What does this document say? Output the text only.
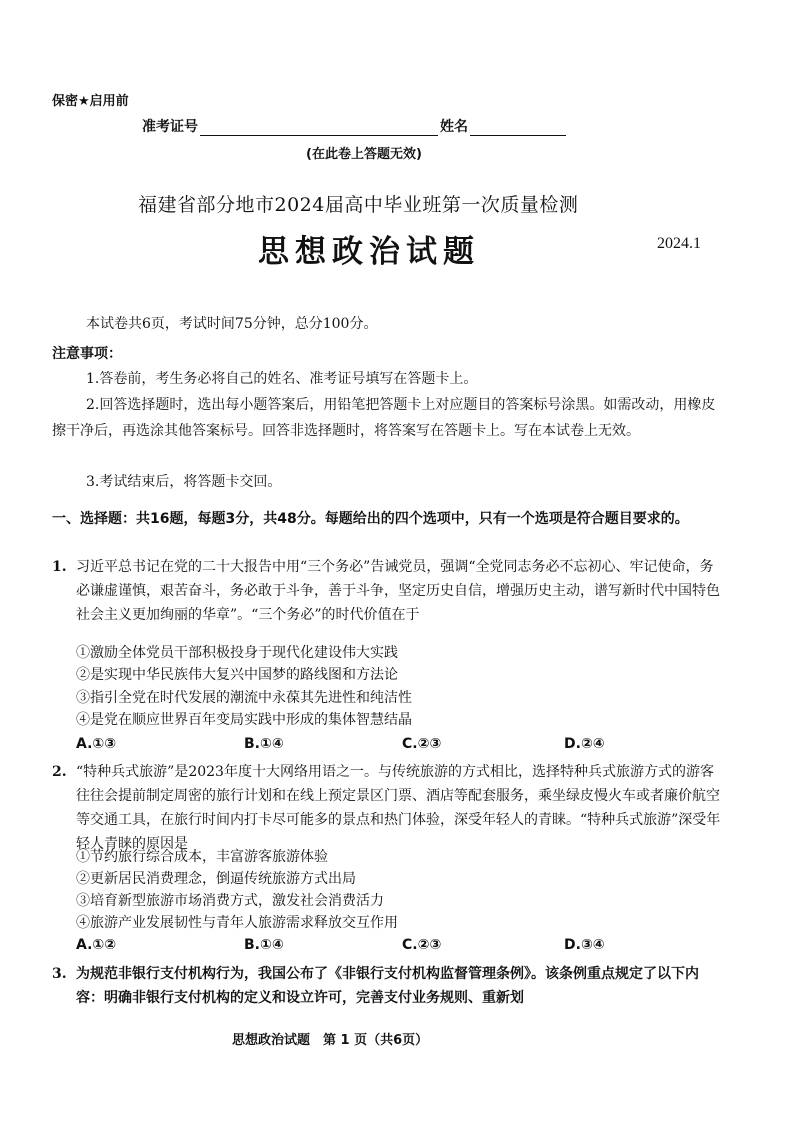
保密★启用前
准考证号	姓名
(在此卷上答题无效)
福建省部分地市2024届高中毕业班第一次质量检测
思想政治试题	2024.1
本试卷共6页，考试时间75分钟，总分100分。
注意事项：
1.答卷前，考生务必将自己的姓名、准考证号填写在答题卡上。
2.回答选择题时，选出每小题答案后，用铅笔把答题卡上对应题目的答案标号涂黑。如需改动，用橡皮擦干净后，再选涂其他答案标号。回答非选择题时，将答案写在答题卡上。写在本试卷上无效。
3.考试结束后，将答题卡交回。
一、选择题：共16题，每题3分，共48分。每题给出的四个选项中，只有一个选项是符合题目要求的。
1. 习近平总书记在党的二十大报告中用“三个务必”告诫党员，强调“全党同志务必不忘初心、牢记使命，务必谦虚谨慎，艰苦奋斗，务必敢于斗争，善于斗争，坚定历史自信，增强历史主动，谱写新时代中国特色社会主义更加绚丽的华章”。“三个务必”的时代价值在于
①激励全体党员干部积极投身于现代化建设伟大实践
②是实现中华民族伟大复兴中国梦的路线图和方法论
③指引全党在时代发展的潮流中永葆其先进性和纯洁性
④是党在顺应世界百年变局实践中形成的集体智慧结晶
A.①③	B.①④	C.②③	D.②④
2. “特种兵式旅游”是2023年度十大网络用语之一。与传统旅游的方式相比，选择特种兵式旅游方式的游客往往会提前制定周密的旅行计划和在线上预定景区门票、酒店等配套服务，乘坐绿皮慢火车或者廉价航空等交通工具，在旅行时间内打卡尽可能多的景点和热门体验，深受年轻人的青睐。“特种兵式旅游”深受年轻人青睐的原因是
①节约旅行综合成本，丰富游客旅游体验
②更新居民消费理念，倒逼传统旅游方式出局
③培育新型旅游市场消费方式，激发社会消费活力
④旅游产业发展韧性与青年人旅游需求释放交互作用
A.①②	B.①④	C.②③	D.③④
3. 为规范非银行支付机构行为，我国公布了《非银行支付机构监督管理条例》。该条例重点规定了以下内容：明确非银行支付机构的定义和设立许可，完善支付业务规则、重新划
思想政治试题　第 1 页（共6页）
